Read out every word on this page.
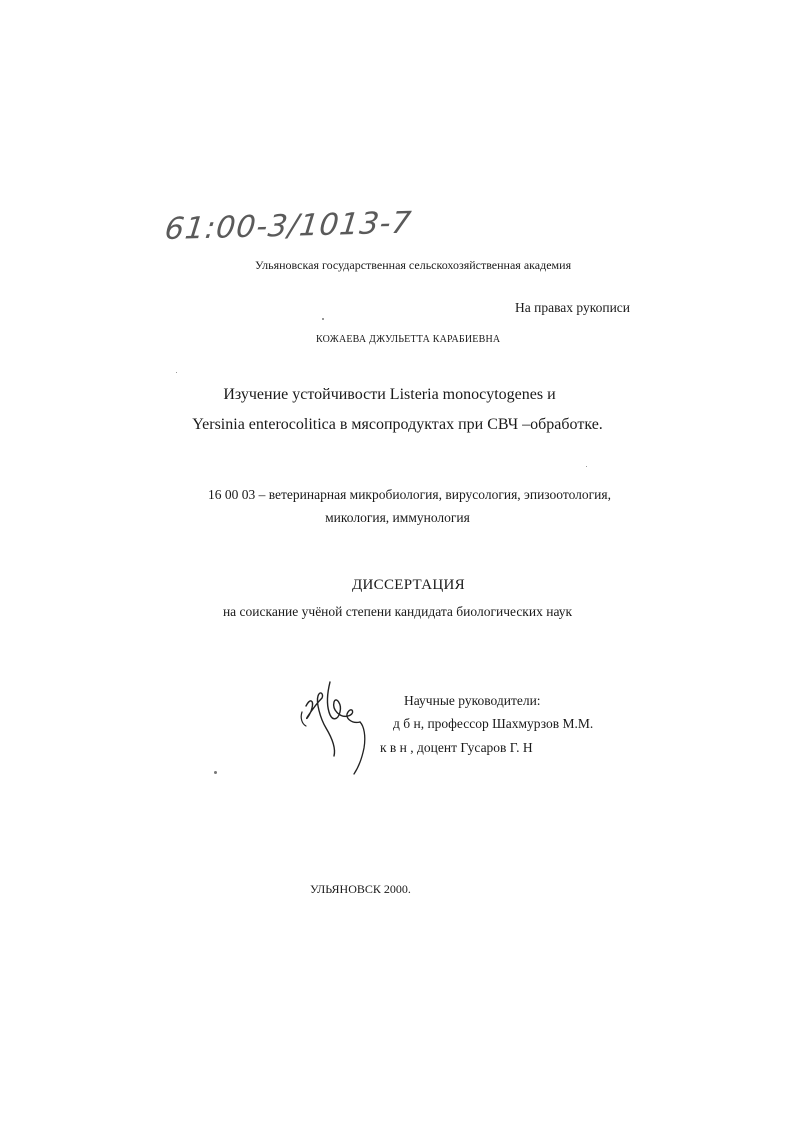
61:00-3/1013-7
Ульяновская государственная сельскохозяйственная академия
На правах рукописи
КОЖАЕВА ДЖУЛЬЕТТА КАРАБИЕВНА
Изучение устойчивости Listeria monocytogenes и
Yersinia enterocolitica в мясопродуктах при СВЧ –обработке.
16 00 03 – ветеринарная микробиология, вирусология, эпизоотология,
микология, иммунология
ДИССЕРТАЦИЯ
на соискание учёной степени кандидата биологических наук
Научные руководители:
д б н, профессор Шахмурзов М.М.
к в н , доцент Гусаров Г. Н
УЛЬЯНОВСК 2000.
